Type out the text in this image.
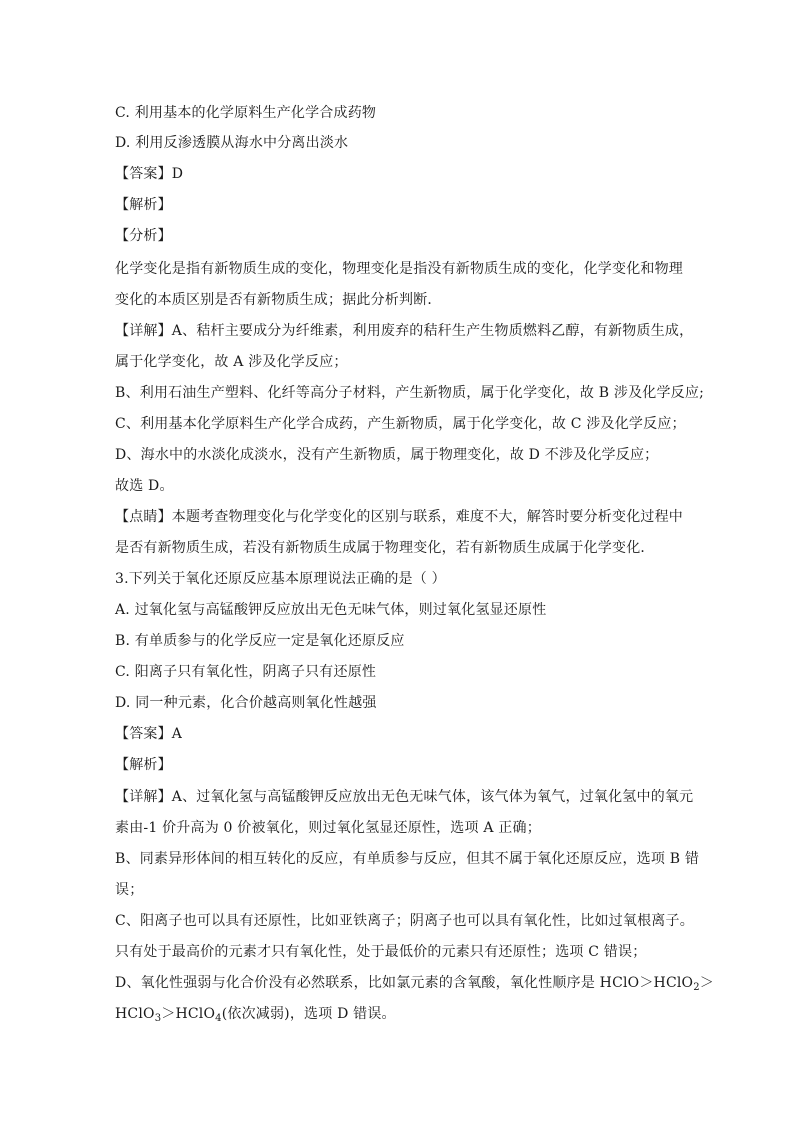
C. 利用基本的化学原料生产化学合成药物
D. 利用反渗透膜从海水中分离出淡水
【答案】D
【解析】
【分析】
化学变化是指有新物质生成的变化，物理变化是指没有新物质生成的变化，化学变化和物理
变化的本质区别是否有新物质生成；据此分析判断．
【详解】A、秸杆主要成分为纤维素，利用废弃的秸秆生产生物质燃料乙醇，有新物质生成，
属于化学变化，故 A 涉及化学反应；
B、利用石油生产塑料、化纤等高分子材料，产生新物质，属于化学变化，故 B 涉及化学反应;
C、利用基本化学原料生产化学合成药，产生新物质，属于化学变化，故 C 涉及化学反应；
D、海水中的水淡化成淡水，没有产生新物质，属于物理变化，故 D 不涉及化学反应；
故选 D。
【点睛】本题考查物理变化与化学变化的区别与联系，难度不大，解答时要分析变化过程中
是否有新物质生成，若没有新物质生成属于物理变化，若有新物质生成属于化学变化．
3.下列关于氧化还原反应基本原理说法正确的是（ ）
A. 过氧化氢与高锰酸钾反应放出无色无味气体，则过氧化氢显还原性
B. 有单质参与的化学反应一定是氧化还原反应
C. 阳离子只有氧化性，阴离子只有还原性
D. 同一种元素，化合价越高则氧化性越强
【答案】A
【解析】
【详解】A、过氧化氢与高锰酸钾反应放出无色无味气体，该气体为氧气，过氧化氢中的氧元
素由-1 价升高为 0 价被氧化，则过氧化氢显还原性，选项 A 正确；
B、同素异形体间的相互转化的反应，有单质参与反应，但其不属于氧化还原反应，选项 B 错
误；
C、阳离子也可以具有还原性，比如亚铁离子；阴离子也可以具有氧化性，比如过氧根离子。
只有处于最高价的元素才只有氧化性，处于最低价的元素只有还原性；选项 C 错误；
D、氧化性强弱与化合价没有必然联系，比如氯元素的含氧酸，氧化性顺序是 HClO＞HClO$_2$＞
HClO$_3$＞HClO$_4$(依次减弱)，选项 D 错误。
